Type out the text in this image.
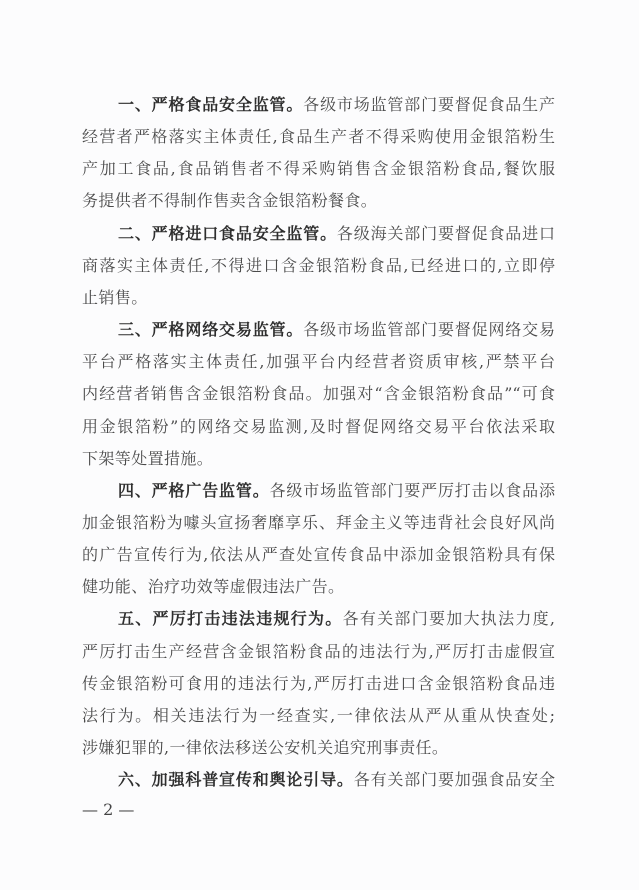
一、严格食品安全监管。各级市场监管部门要督促食品生产
经营者严格落实主体责任,食品生产者不得采购使用金银箔粉生
产加工食品,食品销售者不得采购销售含金银箔粉食品,餐饮服
务提供者不得制作售卖含金银箔粉餐食。
二、严格进口食品安全监管。各级海关部门要督促食品进口
商落实主体责任,不得进口含金银箔粉食品,已经进口的,立即停
止销售。
三、严格网络交易监管。各级市场监管部门要督促网络交易
平台严格落实主体责任,加强平台内经营者资质审核,严禁平台
内经营者销售含金银箔粉食品。加强对“含金银箔粉食品”“可食
用金银箔粉”的网络交易监测,及时督促网络交易平台依法采取
下架等处置措施。
四、严格广告监管。各级市场监管部门要严厉打击以食品添
加金银箔粉为噱头宣扬奢靡享乐、拜金主义等违背社会良好风尚
的广告宣传行为,依法从严查处宣传食品中添加金银箔粉具有保
健功能、治疗功效等虚假违法广告。
五、严厉打击违法违规行为。各有关部门要加大执法力度,
严厉打击生产经营含金银箔粉食品的违法行为,严厉打击虚假宣
传金银箔粉可食用的违法行为,严厉打击进口含金银箔粉食品违
法行为。相关违法行为一经查实,一律依法从严从重从快查处;
涉嫌犯罪的,一律依法移送公安机关追究刑事责任。
六、加强科普宣传和舆论引导。各有关部门要加强食品安全
— 2 —
